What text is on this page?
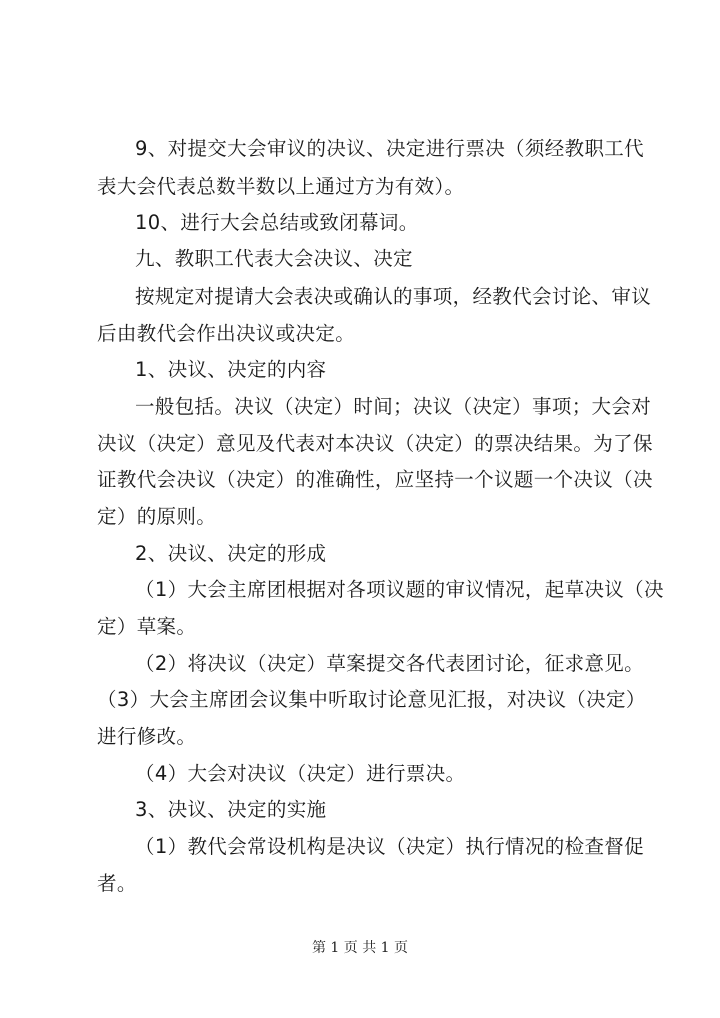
9、对提交大会审议的决议、决定进行票决（须经教职工代
表大会代表总数半数以上通过方为有效）。
10、进行大会总结或致闭幕词。
九、教职工代表大会决议、决定
按规定对提请大会表决或确认的事项，经教代会讨论、审议
后由教代会作出决议或决定。
1、决议、决定的内容
一般包括。决议（决定）时间；决议（决定）事项；大会对
决议（决定）意见及代表对本决议（决定）的票决结果。为了保
证教代会决议（决定）的准确性，应坚持一个议题一个决议（决
定）的原则。
2、决议、决定的形成
（1）大会主席团根据对各项议题的审议情况，起草决议（决
定）草案。
（2）将决议（决定）草案提交各代表团讨论，征求意见。
（3）大会主席团会议集中听取讨论意见汇报，对决议（决定）
进行修改。
（4）大会对决议（决定）进行票决。
3、决议、决定的实施
（1）教代会常设机构是决议（决定）执行情况的检查督促
者。
第 1 页 共 1 页
